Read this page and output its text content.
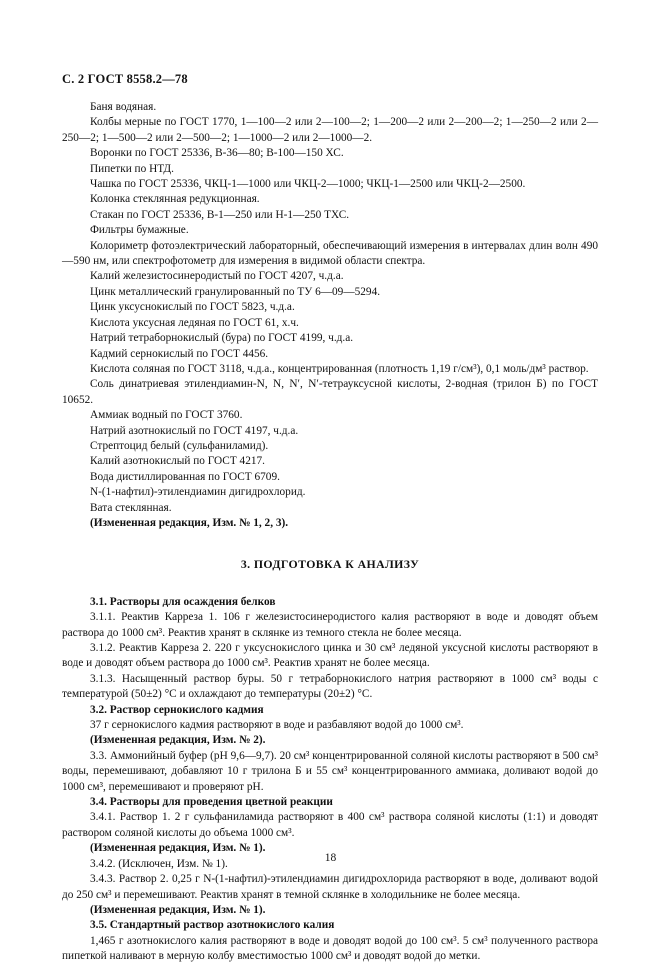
С. 2 ГОСТ 8558.2—78

Баня водяная.

Колбы мерные по ГОСТ 1770, 1—100—2 или 2—100—2; 1—200—2 или 2—200—2; 1—250—2 или 2—250—2; 1—500—2 или 2—500—2; 1—1000—2 или 2—1000—2.

Воронки по ГОСТ 25336, В-36—80; В-100—150 ХС.

Пипетки по НТД.

Чашка по ГОСТ 25336, ЧКЦ-1—1000 или ЧКЦ-2—1000; ЧКЦ-1—2500 или ЧКЦ-2—2500.

Колонка стеклянная редукционная.

Стакан по ГОСТ 25336, В-1—250 или Н-1—250 ТХС.

Фильтры бумажные.

Колориметр фотоэлектрический лабораторный, обеспечивающий измерения в интервалах длин волн 490—590 нм, или спектрофотометр для измерения в видимой области спектра.

Калий железистосинеродистый по ГОСТ 4207, ч.д.а.

Цинк металлический гранулированный по ТУ 6—09—5294.

Цинк уксуснокислый по ГОСТ 5823, ч.д.а.

Кислота уксусная ледяная по ГОСТ 61, х.ч.

Натрий тетраборнокислый (бура) по ГОСТ 4199, ч.д.а.

Кадмий сернокислый по ГОСТ 4456.

Кислота соляная по ГОСТ 3118, ч.д.а., концентрированная (плотность 1,19 г/см³), 0,1 моль/дм³ раствор.

Соль динатриевая этилендиамин-N, N, N′, N′-тетрауксусной кислоты, 2-водная (трилон Б) по ГОСТ 10652.

Аммиак водный по ГОСТ 3760.

Натрий азотнокислый по ГОСТ 4197, ч.д.а.

Стрептоцид белый (сульфаниламид).

Калий азотнокислый по ГОСТ 4217.

Вода дистиллированная по ГОСТ 6709.

N-(1-нафтил)-этилендиамин дигидрохлорид.

Вата стеклянная.

(Измененная редакция, Изм. № 1, 2, 3).

3. ПОДГОТОВКА К АНАЛИЗУ

3.1. Растворы для осаждения белков

3.1.1. Реактив Карреза 1. 106 г железистосинеродистого калия растворяют в воде и доводят объем раствора до 1000 см³. Реактив хранят в склянке из темного стекла не более месяца.

3.1.2. Реактив Карреза 2. 220 г уксуснокислого цинка и 30 см³ ледяной уксусной кислоты растворяют в воде и доводят объем раствора до 1000 см³. Реактив хранят не более месяца.

3.1.3. Насыщенный раствор буры. 50 г тетраборнокислого натрия растворяют в 1000 см³ воды с температурой (50±2) °С и охлаждают до температуры (20±2) °С.

3.2. Раствор сернокислого кадмия

37 г сернокислого кадмия растворяют в воде и разбавляют водой до 1000 см³.

(Измененная редакция, Изм. № 2).

3.3. Аммонийный буфер (рН 9,6—9,7). 20 см³ концентрированной соляной кислоты растворяют в 500 см³ воды, перемешивают, добавляют 10 г трилона Б и 55 см³ концентрированного аммиака, доливают водой до 1000 см³, перемешивают и проверяют рН.

3.4. Растворы для проведения цветной реакции

3.4.1. Раствор 1. 2 г сульфаниламида растворяют в 400 см³ раствора соляной кислоты (1:1) и доводят раствором соляной кислоты до объема 1000 см³.

(Измененная редакция, Изм. № 1).

3.4.2. (Исключен, Изм. № 1).

3.4.3. Раствор 2. 0,25 г N-(1-нафтил)-этилендиамин дигидрохлорида растворяют в воде, доливают водой до 250 см³ и перемешивают. Реактив хранят в темной склянке в холодильнике не более месяца.

(Измененная редакция, Изм. № 1).

3.5. Стандартный раствор азотнокислого калия

1,465 г азотнокислого калия растворяют в воде и доводят водой до 100 см³. 5 см³ полученного раствора пипеткой наливают в мерную колбу вместимостью 1000 см³ и доводят водой до метки.

18
